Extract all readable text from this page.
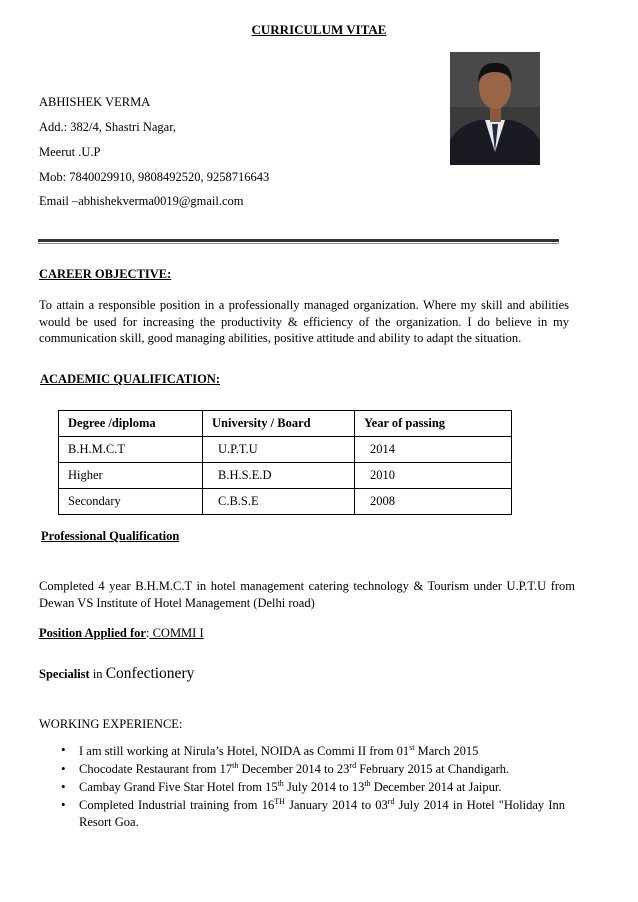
CURRICULUM VITAE
ABHISHEK VERMA
Add.: 382/4, Shastri Nagar,
Meerut .U.P
Mob: 7840029910, 9808492520, 9258716643
Email –abhishekverma0019@gmail.com
CAREER OBJECTIVE:
To attain a responsible position in a professionally managed organization. Where my skill and abilities would be used for increasing the productivity & efficiency of the organization. I do believe in my communication skill, good managing abilities, positive attitude and ability to adapt the situation.
ACADEMIC QUALIFICATION:
Degree /diploma	University / Board	Year of passing
B.H.M.C.T	U.P.T.U	2014
Higher	B.H.S.E.D	2010
Secondary	C.B.S.E	2008
Professional Qualification
Completed 4 year B.H.M.C.T in hotel management catering technology & Tourism under U.P.T.U from Dewan VS Institute of Hotel Management (Delhi road)
Position Applied for: COMMI I
Specialist in Confectionery
WORKING EXPERIENCE:
• I am still working at Nirula’s Hotel, NOIDA as Commi II from 01st March 2015
• Chocodate Restaurant from 17th December 2014 to 23rd February 2015 at Chandigarh.
• Cambay Grand Five Star Hotel from 15th July 2014 to 13th December 2014 at Jaipur.
• Completed Industrial training from 16TH January 2014 to 03rd July 2014 in Hotel "Holiday Inn Resort Goa.
